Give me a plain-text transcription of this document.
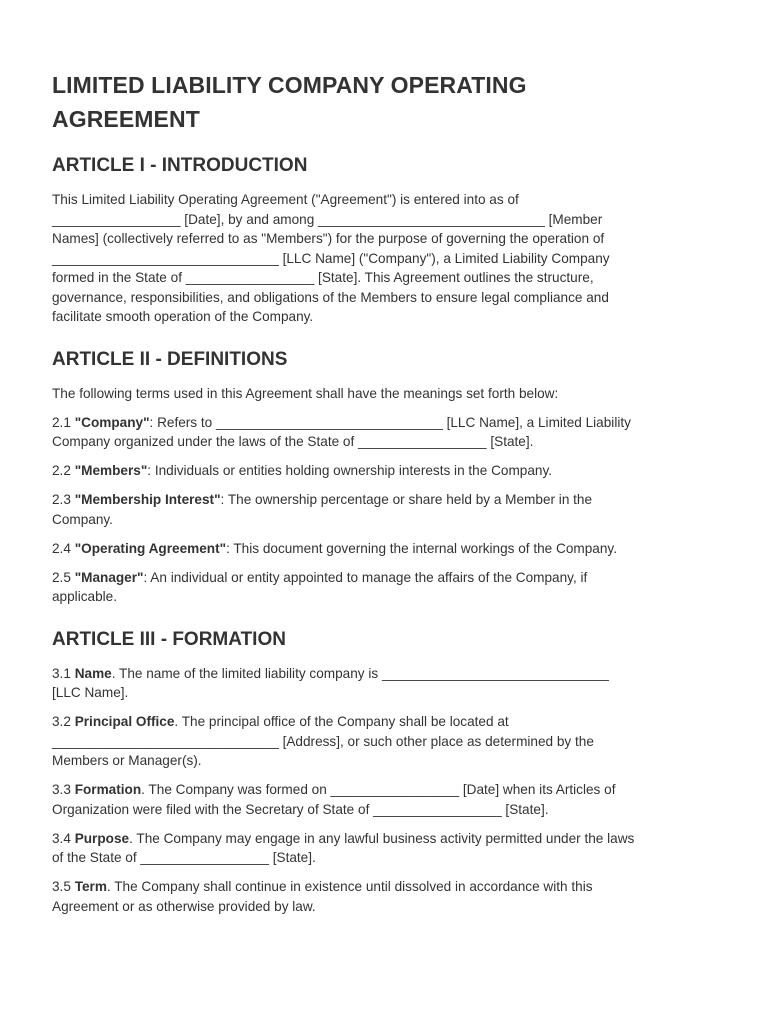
LIMITED LIABILITY COMPANY OPERATING
AGREEMENT
ARTICLE I - INTRODUCTION

This Limited Liability Operating Agreement ("Agreement") is entered into as of
_________________ [Date], by and among ______________________________ [Member
Names] (collectively referred to as "Members") for the purpose of governing the operation of
______________________________ [LLC Name] ("Company"), a Limited Liability Company
formed in the State of _________________ [State]. This Agreement outlines the structure,
governance, responsibilities, and obligations of the Members to ensure legal compliance and
facilitate smooth operation of the Company.

ARTICLE II - DEFINITIONS

The following terms used in this Agreement shall have the meanings set forth below:

2.1 "Company": Refers to ______________________________ [LLC Name], a Limited Liability
Company organized under the laws of the State of _________________ [State].

2.2 "Members": Individuals or entities holding ownership interests in the Company.

2.3 "Membership Interest": The ownership percentage or share held by a Member in the
Company.

2.4 "Operating Agreement": This document governing the internal workings of the Company.

2.5 "Manager": An individual or entity appointed to manage the affairs of the Company, if
applicable.

ARTICLE III - FORMATION

3.1 Name. The name of the limited liability company is ______________________________
[LLC Name].

3.2 Principal Office. The principal office of the Company shall be located at
______________________________ [Address], or such other place as determined by the
Members or Manager(s).

3.3 Formation. The Company was formed on _________________ [Date] when its Articles of
Organization were filed with the Secretary of State of _________________ [State].

3.4 Purpose. The Company may engage in any lawful business activity permitted under the laws
of the State of _________________ [State].

3.5 Term. The Company shall continue in existence until dissolved in accordance with this
Agreement or as otherwise provided by law.
